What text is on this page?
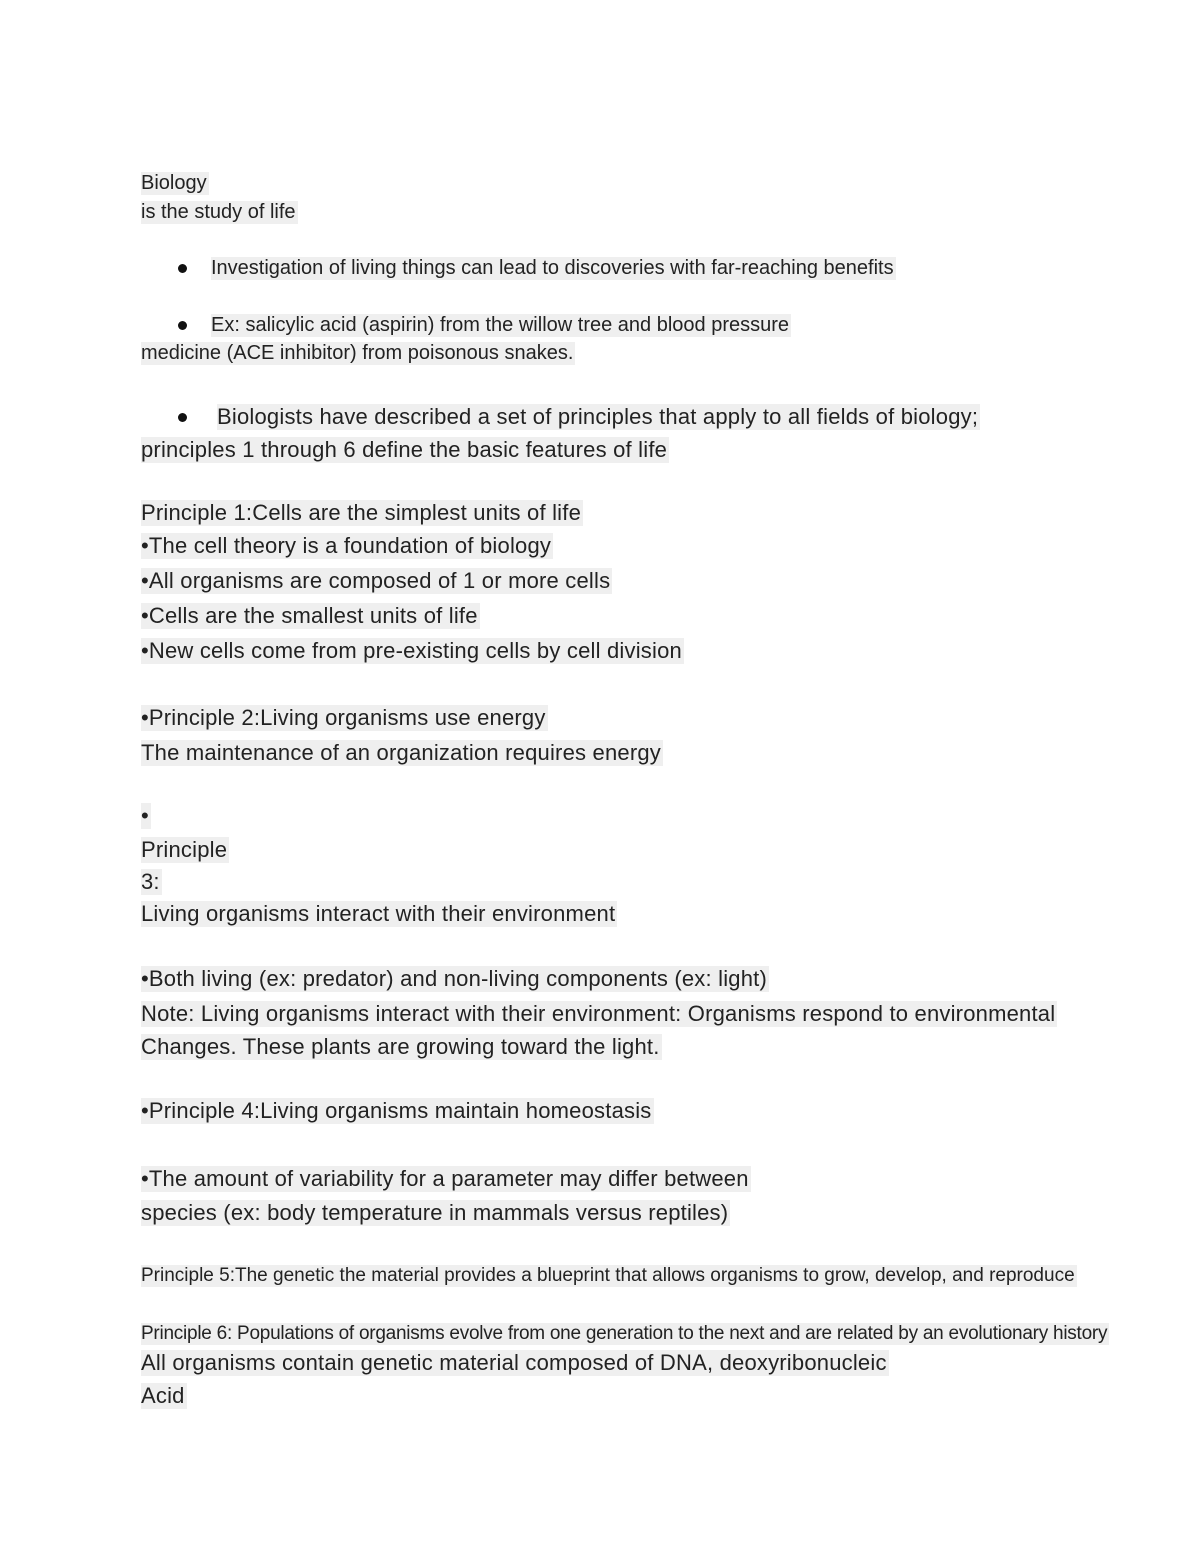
Biology
is the study of life
Investigation of living things can lead to discoveries with far-reaching benefits
Ex: salicylic acid (aspirin) from the willow tree and blood pressure
medicine (ACE inhibitor) from poisonous snakes.
Biologists have described a set of principles that apply to all fields of biology;
principles 1 through 6 define the basic features of life
Principle 1:Cells are the simplest units of life
•The cell theory is a foundation of biology
•All organisms are composed of 1 or more cells
•Cells are the smallest units of life
•New cells come from pre-existing cells by cell division
•Principle 2:Living organisms use energy
The maintenance of an organization requires energy
•
Principle
3:
Living organisms interact with their environment
•Both living (ex: predator) and non-living components (ex: light)
Note: Living organisms interact with their environment: Organisms respond to environmental
Changes. These plants are growing toward the light.
•Principle 4:Living organisms maintain homeostasis
•The amount of variability for a parameter may differ between
species (ex: body temperature in mammals versus reptiles)
Principle 5:The genetic the material provides a blueprint that allows organisms to grow, develop, and reproduce
Principle 6: Populations of organisms evolve from one generation to the next and are related by an evolutionary history
All organisms contain genetic material composed of DNA, deoxyribonucleic
Acid
